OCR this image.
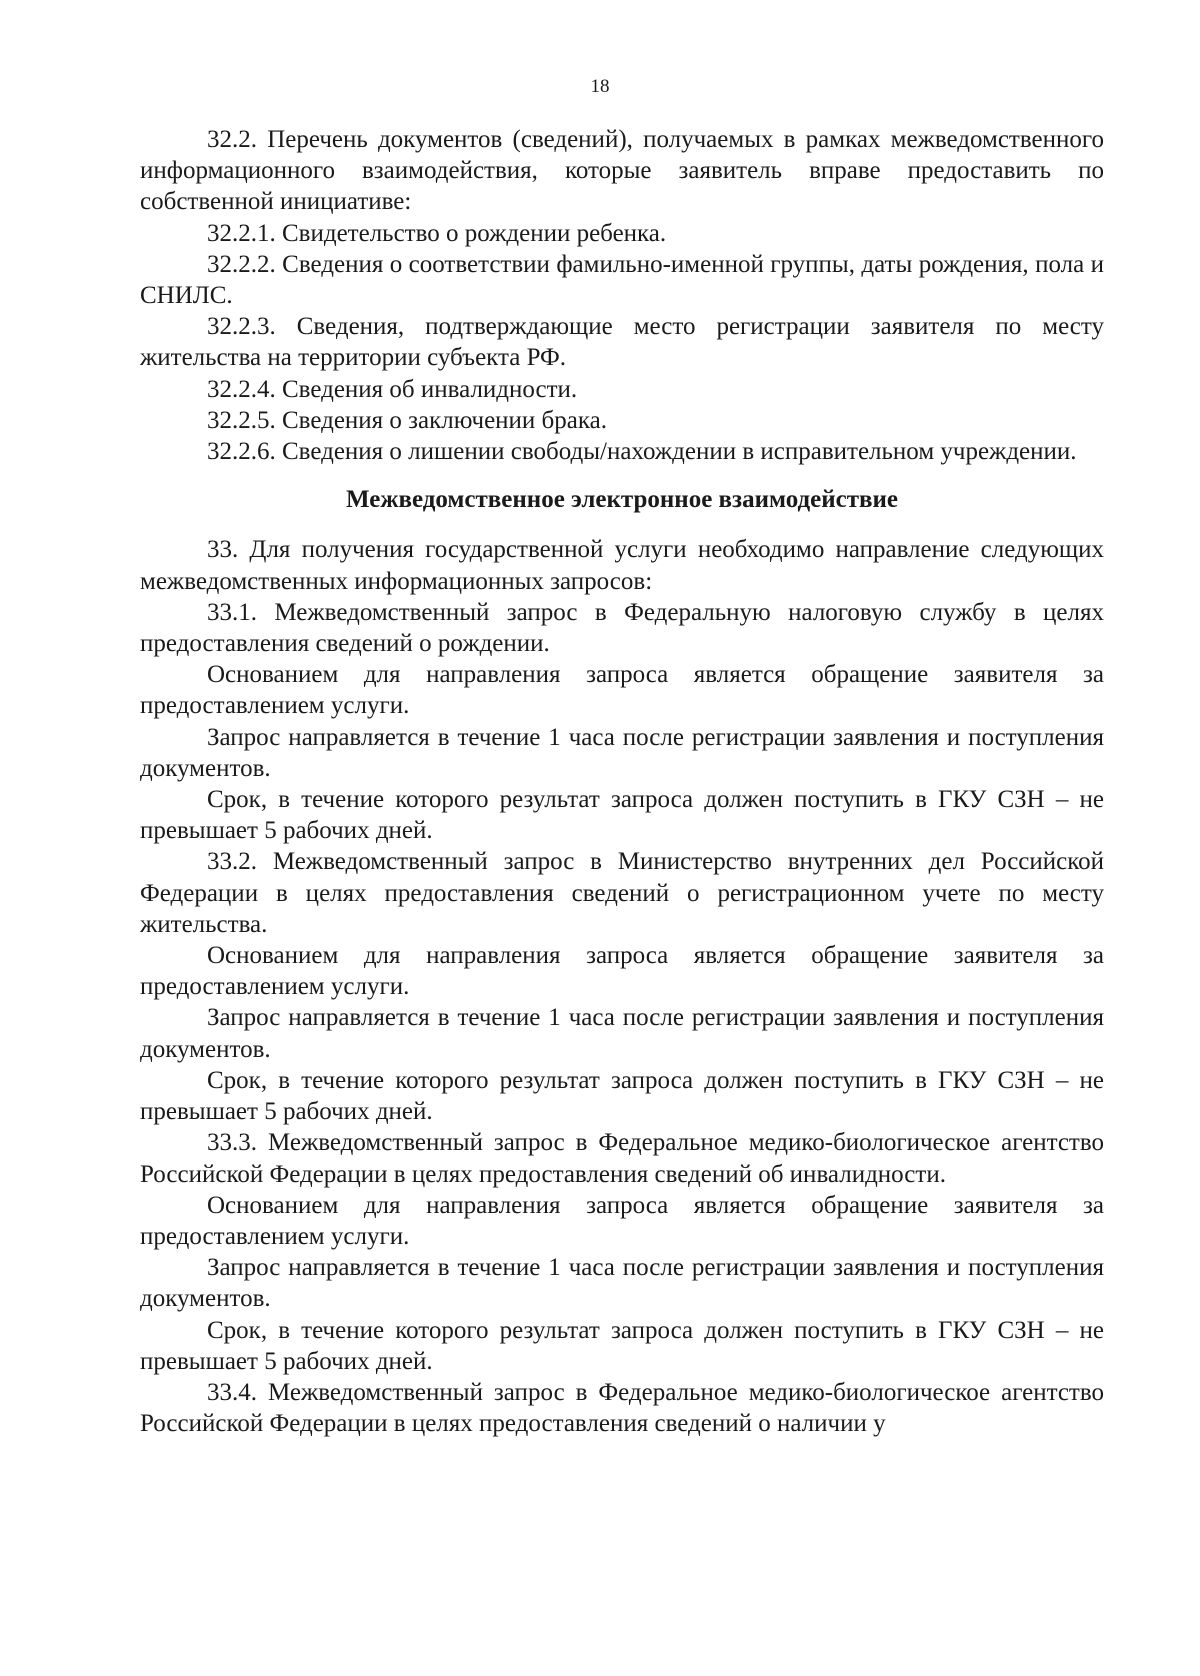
18

32.2. Перечень документов (сведений), получаемых в рамках межведомственного информационного взаимодействия, которые заявитель вправе предоставить по собственной инициативе:

32.2.1. Свидетельство о рождении ребенка.

32.2.2. Сведения о соответствии фамильно-именной группы, даты рождения, пола и СНИЛС.

32.2.3. Сведения, подтверждающие место регистрации заявителя по месту жительства на территории субъекта РФ.

32.2.4. Сведения об инвалидности.

32.2.5. Сведения о заключении брака.

32.2.6. Сведения о лишении свободы/нахождении в исправительном учреждении.

Межведомственное электронное взаимодействие

33. Для получения государственной услуги необходимо направление следующих межведомственных информационных запросов:

33.1. Межведомственный запрос в Федеральную налоговую службу в целях предоставления сведений о рождении.

Основанием для направления запроса является обращение заявителя за предоставлением услуги.

Запрос направляется в течение 1 часа после регистрации заявления и поступления документов.

Срок, в течение которого результат запроса должен поступить в ГКУ СЗН – не превышает 5 рабочих дней.

33.2. Межведомственный запрос в Министерство внутренних дел Российской Федерации в целях предоставления сведений о регистрационном учете по месту жительства.

Основанием для направления запроса является обращение заявителя за предоставлением услуги.

Запрос направляется в течение 1 часа после регистрации заявления и поступления документов.

Срок, в течение которого результат запроса должен поступить в ГКУ СЗН – не превышает 5 рабочих дней.

33.3. Межведомственный запрос в Федеральное медико-биологическое агентство Российской Федерации в целях предоставления сведений об инвалидности.

Основанием для направления запроса является обращение заявителя за предоставлением услуги.

Запрос направляется в течение 1 часа после регистрации заявления и поступления документов.

Срок, в течение которого результат запроса должен поступить в ГКУ СЗН – не превышает 5 рабочих дней.

33.4. Межведомственный запрос в Федеральное медико-биологическое агентство Российской Федерации в целях предоставления сведений о наличии у
